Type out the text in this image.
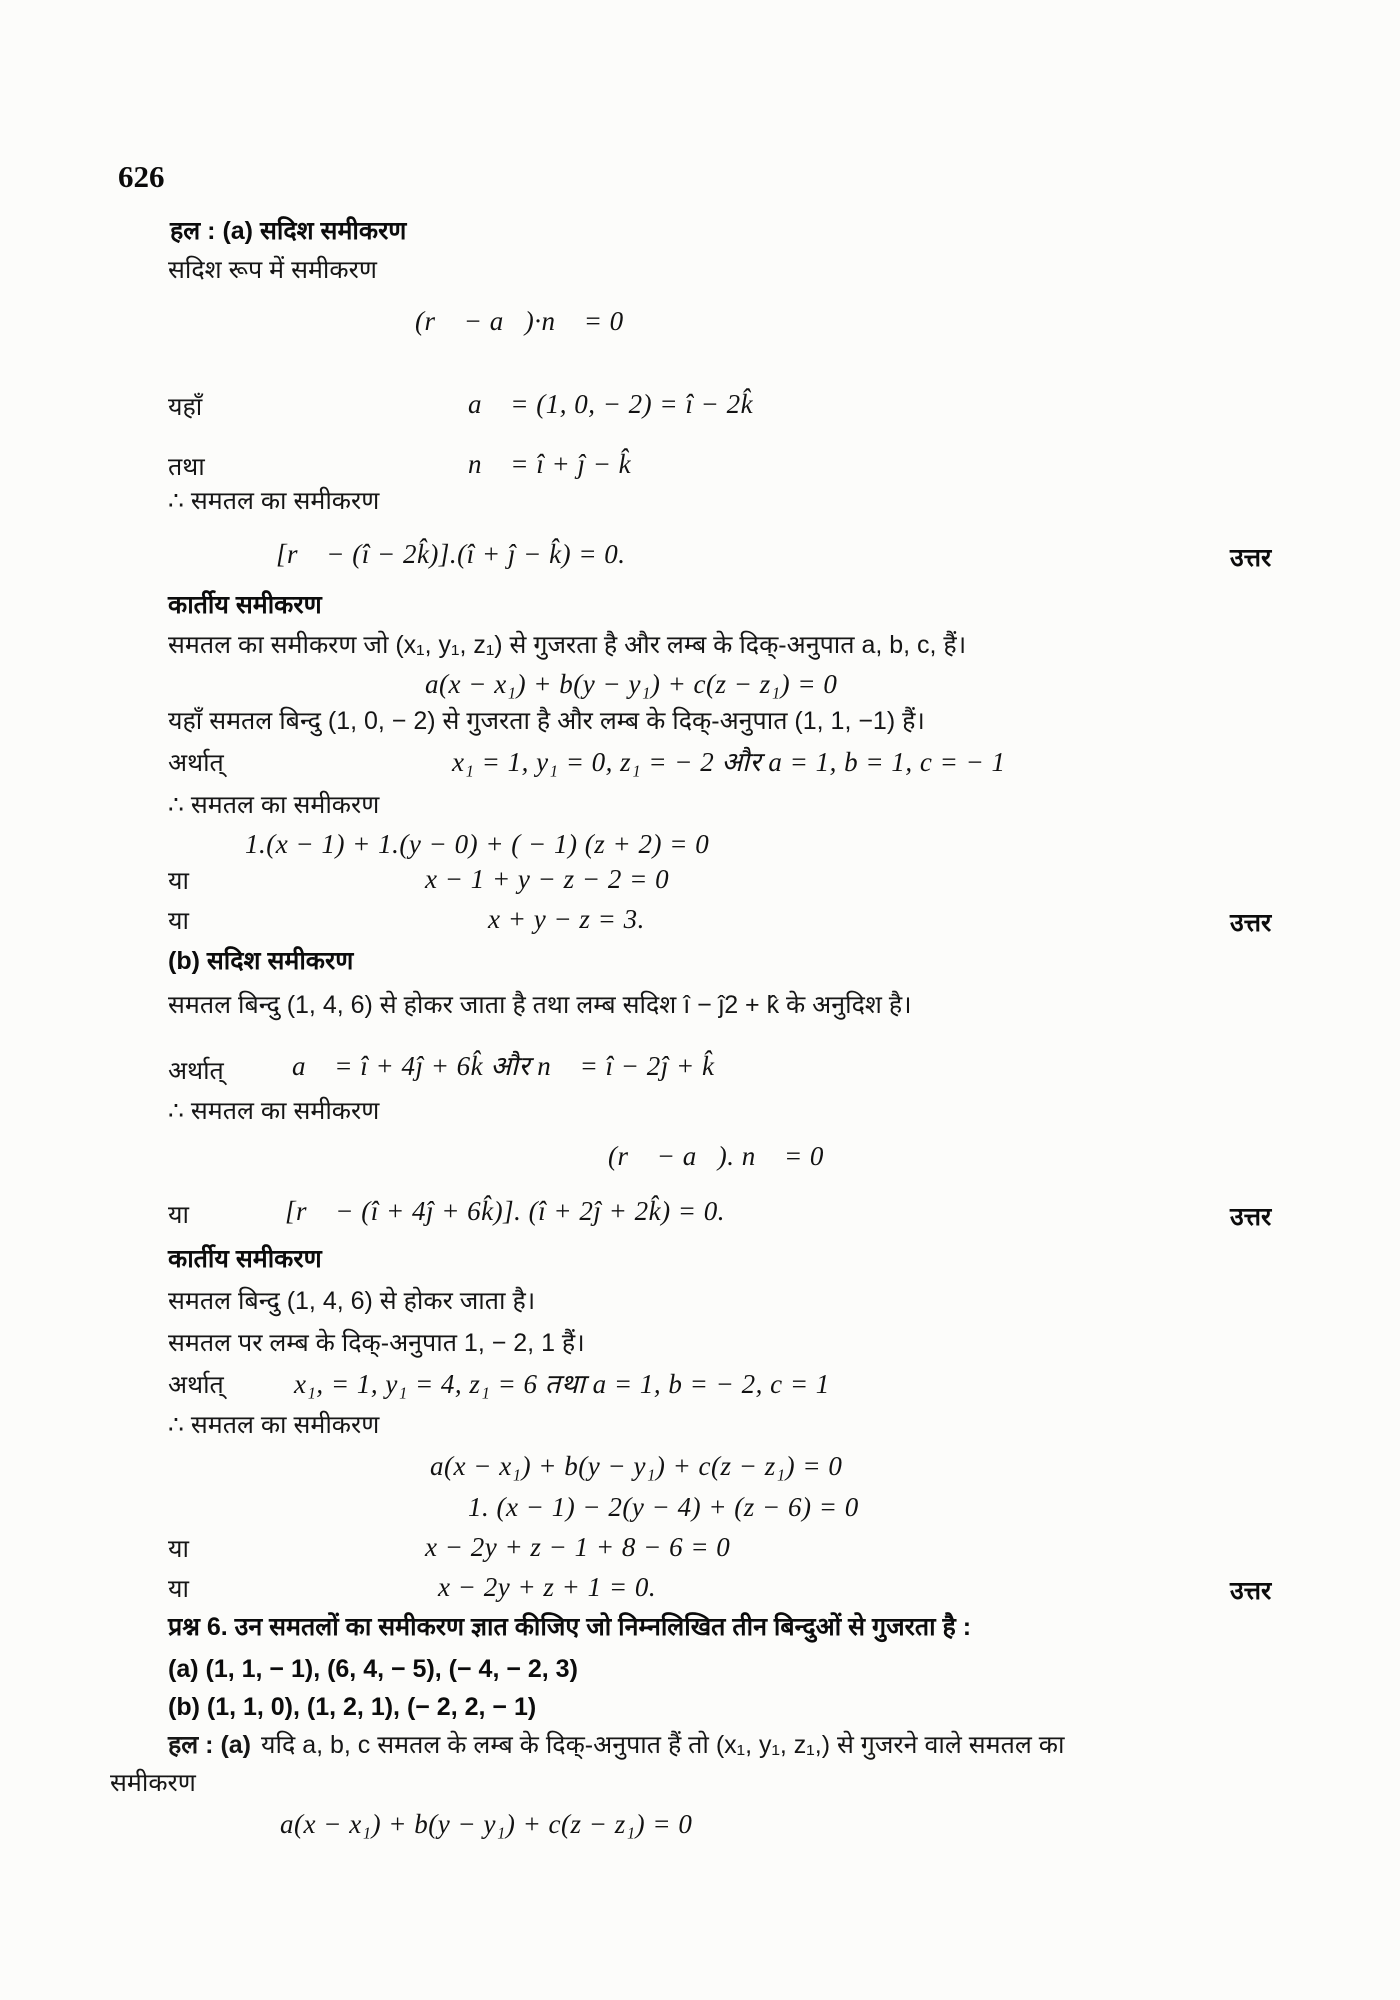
626
हल : (a) सदिश समीकरण
सदिश रूप में समीकरण
(r⃗ − a⃗)·n⃗ = 0
यहाँ	a⃗ = (1, 0, − 2) = î − 2k̂
तथा	n⃗ = î + ĵ − k̂
∴ समतल का समीकरण
[r⃗ − (î − 2k̂)].(î + ĵ − k̂) = 0.	उत्तर
कार्तीय समीकरण
समतल का समीकरण जो (x₁, y₁, z₁) से गुजरता है और लम्ब के दिक्-अनुपात a, b, c, हैं।
a(x − x₁) + b(y − y₁) + c(z − z₁) = 0
यहाँ समतल बिन्दु (1, 0, − 2) से गुजरता है और लम्ब के दिक्-अनुपात (1, 1, −1) हैं।
अर्थात्	x₁ = 1, y₁ = 0, z₁ = − 2 और a = 1, b = 1, c = − 1
∴ समतल का समीकरण
1.(x − 1) + 1.(y − 0) + ( − 1) (z + 2) = 0
या	x − 1 + y − z − 2 = 0
या	x + y − z = 3.	उत्तर
(b) सदिश समीकरण
समतल बिन्दु (1, 4, 6) से होकर जाता है तथा लम्ब सदिश î − ĵ2 + k̂ के अनुदिश है।
अर्थात्	a⃗ = î + 4ĵ + 6k̂ और n⃗ = î − 2ĵ + k̂
∴ समतल का समीकरण
(r⃗ − a⃗). n⃗ = 0
या	[r⃗ − (î + 4ĵ + 6k̂)]. (î + 2ĵ + 2k̂) = 0.	उत्तर
कार्तीय समीकरण
समतल बिन्दु (1, 4, 6) से होकर जाता है।
समतल पर लम्ब के दिक्-अनुपात 1, − 2, 1 हैं।
अर्थात्	x₁, = 1, y₁ = 4, z₁ = 6 तथा a = 1, b = − 2, c = 1
∴ समतल का समीकरण
a(x − x₁) + b(y − y₁) + c(z − z₁) = 0
1. (x − 1) − 2(y − 4) + (z − 6) = 0
या	x − 2y + z − 1 + 8 − 6 = 0
या	x − 2y + z + 1 = 0.	उत्तर
प्रश्न 6. उन समतलों का समीकरण ज्ञात कीजिए जो निम्नलिखित तीन बिन्दुओं से गुजरता है :
(a) (1, 1, − 1), (6, 4, − 5), (− 4, − 2, 3)
(b) (1, 1, 0), (1, 2, 1), (− 2, 2, − 1)
हल : (a) यदि a, b, c समतल के लम्ब के दिक्-अनुपात हैं तो (x₁, y₁, z₁,) से गुजरने वाले समतल का
समीकरण
a(x − x₁) + b(y − y₁) + c(z − z₁) = 0
